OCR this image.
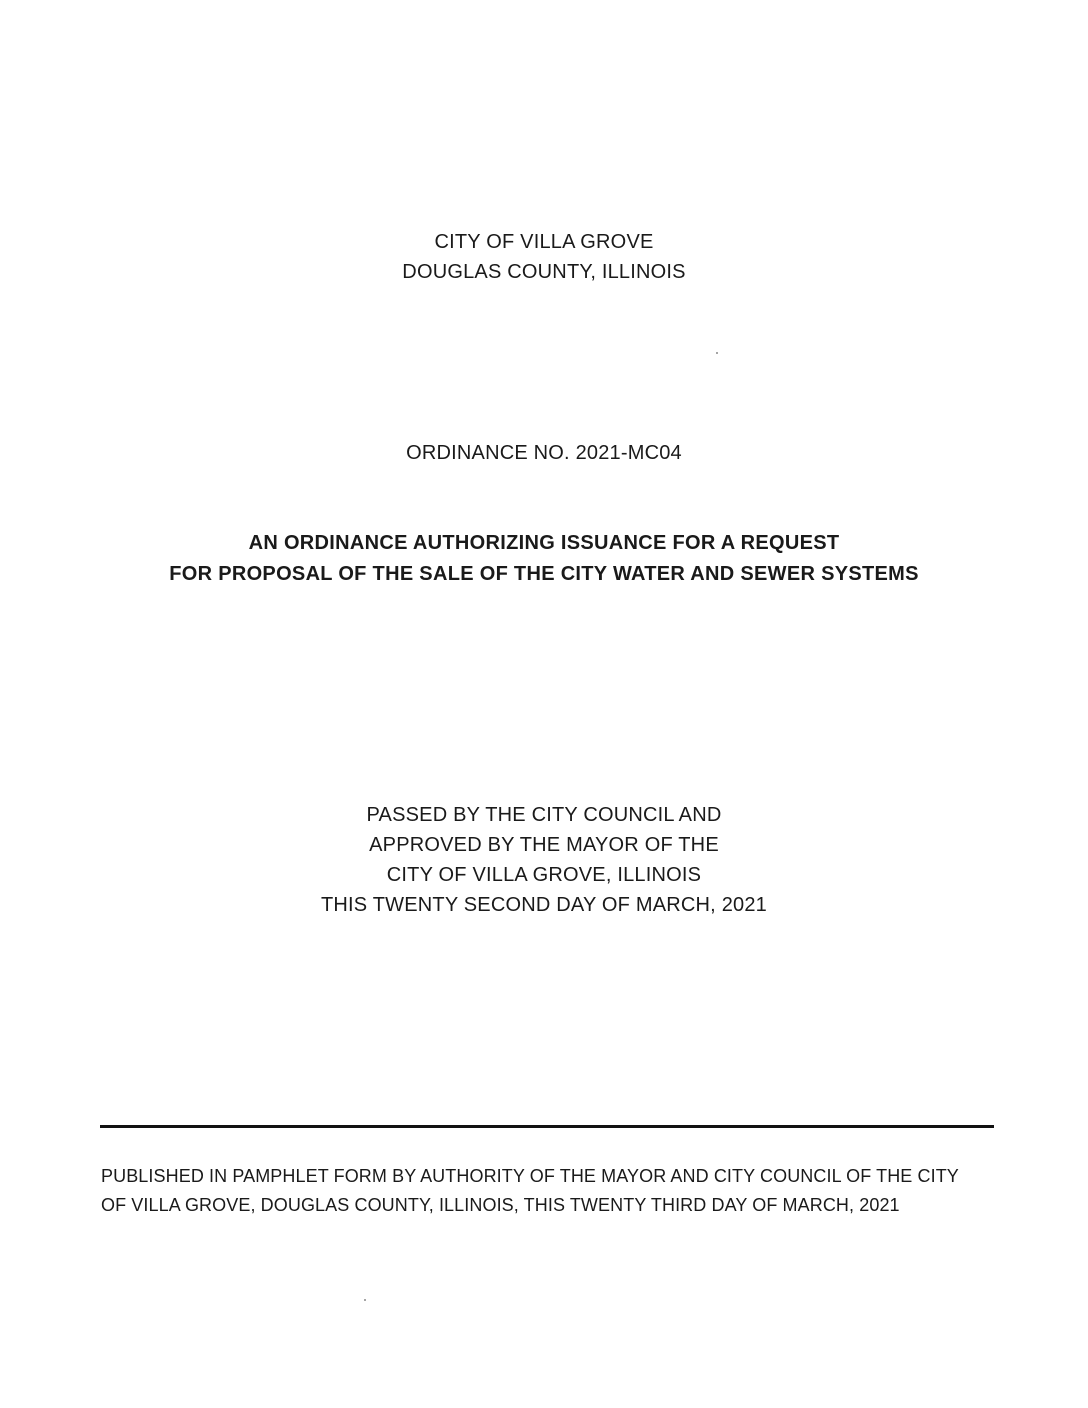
CITY OF VILLA GROVE
DOUGLAS COUNTY, ILLINOIS
ORDINANCE NO. 2021-MC04
AN ORDINANCE AUTHORIZING ISSUANCE FOR A REQUEST
FOR PROPOSAL OF THE SALE OF THE CITY WATER AND SEWER SYSTEMS
PASSED BY THE CITY COUNCIL AND
APPROVED BY THE MAYOR OF THE
CITY OF VILLA GROVE, ILLINOIS
THIS TWENTY SECOND DAY OF MARCH, 2021
PUBLISHED IN PAMPHLET FORM BY AUTHORITY OF THE MAYOR AND CITY COUNCIL OF THE CITY
OF VILLA GROVE, DOUGLAS COUNTY, ILLINOIS, THIS TWENTY THIRD DAY OF MARCH, 2021
